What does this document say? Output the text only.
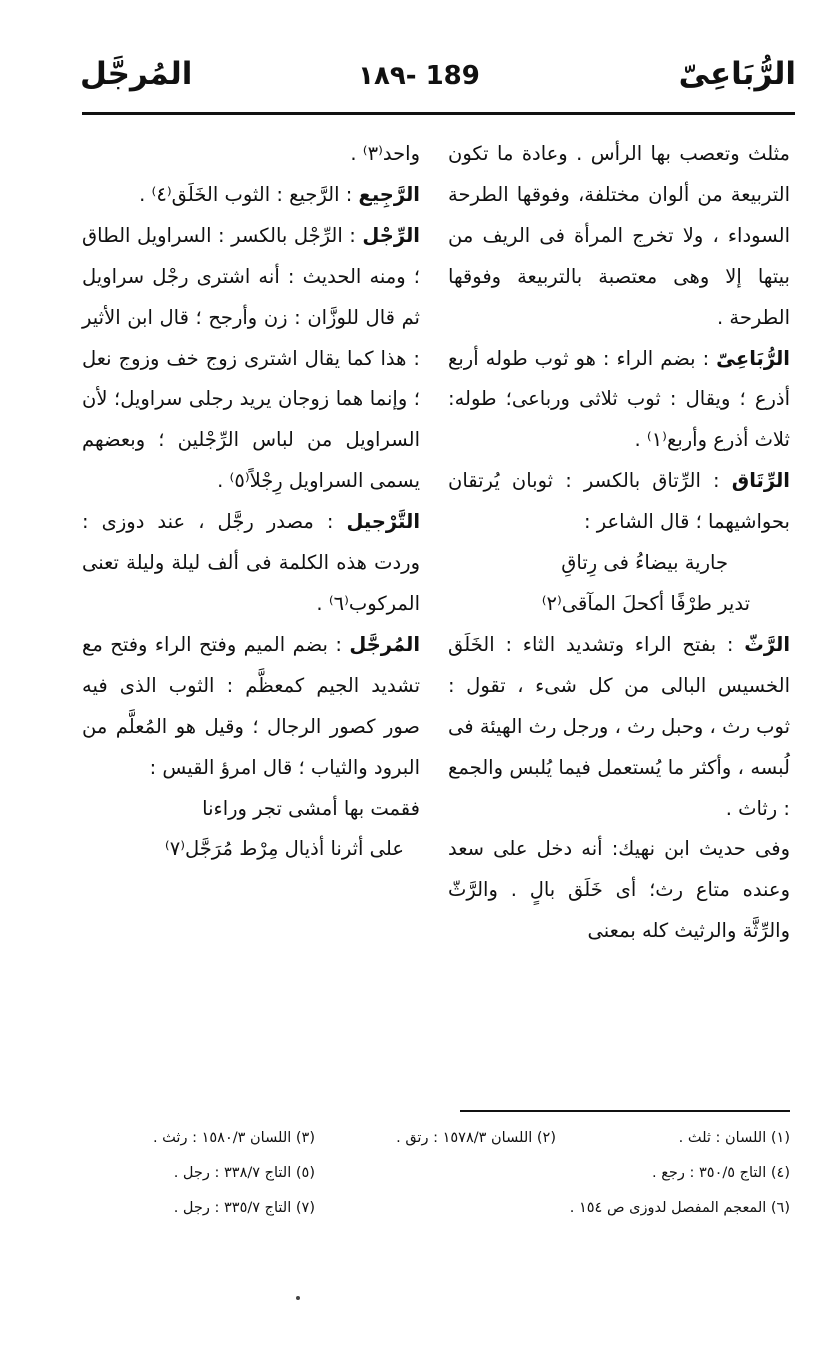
الرُّبَاعِىّ
١٨٩- 189
المُرجَّل

مثلث وتعصب بها الرأس . وعادة ما تكون التربيعة من ألوان مختلفة، وفوقها الطرحة السوداء ، ولا تخرج المرأة فى الريف من بيتها إلا وهى معتصبة بالتربيعة وفوقها الطرحة .

الرُّبَاعِىّ : بضم الراء : هو ثوب طوله أربع أذرع ؛ ويقال : ثوب ثلاثى ورباعى؛ طوله: ثلاث أذرع وأربع⁽١⁾ .

الرِّتَاق : الرِّتاق بالكسر : ثوبان يُرتقان بحواشيهما ؛ قال الشاعر :

جارية بيضاءُ فى رِتاقِ

تدير طرْفًا أكحلَ المآقى⁽٢⁾

الرَّثّ : بفتح الراء وتشديد الثاء : الخَلَق الخسيس البالى من كل شىء ، تقول : ثوب رث ، وحبل رث ، ورجل رث الهيئة فى لُبسه ، وأكثر ما يُستعمل فيما يُلبس والجمع : رثاث .

وفى حديث ابن نهيك: أنه دخل على سعد وعنده متاع رث؛ أى خَلَق بالٍ . والرَّثّ والرِّثَّة والرثيث كله بمعنى

واحد⁽٣⁾ .

الرَّجِيع : الرَّجيع : الثوب الخَلَق⁽٤⁾ .

الرِّجْل : الرِّجْل بالكسر : السراويل الطاق ؛ ومنه الحديث : أنه اشترى رجْل سراويل ثم قال للوزَّان : زن وأرجح ؛ قال ابن الأثير : هذا كما يقال اشترى زوج خف وزوج نعل ؛ وإنما هما زوجان يريد رجلى سراويل؛ لأن السراويل من لباس الرِّجْلين ؛ وبعضهم يسمى السراويل رِجْلاً⁽٥⁾ .

التَّرْجيل : مصدر رجَّل ، عند دوزى : وردت هذه الكلمة فى ألف ليلة وليلة تعنى المركوب⁽٦⁾ .

المُرجَّل : بضم الميم وفتح الراء وفتح مع تشديد الجيم كمعظَّم : الثوب الذى فيه صور كصور الرجال ؛ وقيل هو المُعلَّم من البرود والثياب ؛ قال امرؤ القيس :

فقمت بها أمشى تجر وراءنا

على أثرنا أذيال مِرْط مُرَجَّل⁽٧⁾

(١) اللسان : ثلث .
(٢) اللسان ١٥٧٨/٣ : رتق .
(٣) اللسان ١٥٨٠/٣ : رثث .
(٤) التاج ٣٥٠/٥ : رجع .
(٥) التاج ٣٣٨/٧ : رجل .
(٦) المعجم المفصل لدوزى ص ١٥٤ .
(٧) التاج ٣٣٥/٧ : رجل .
